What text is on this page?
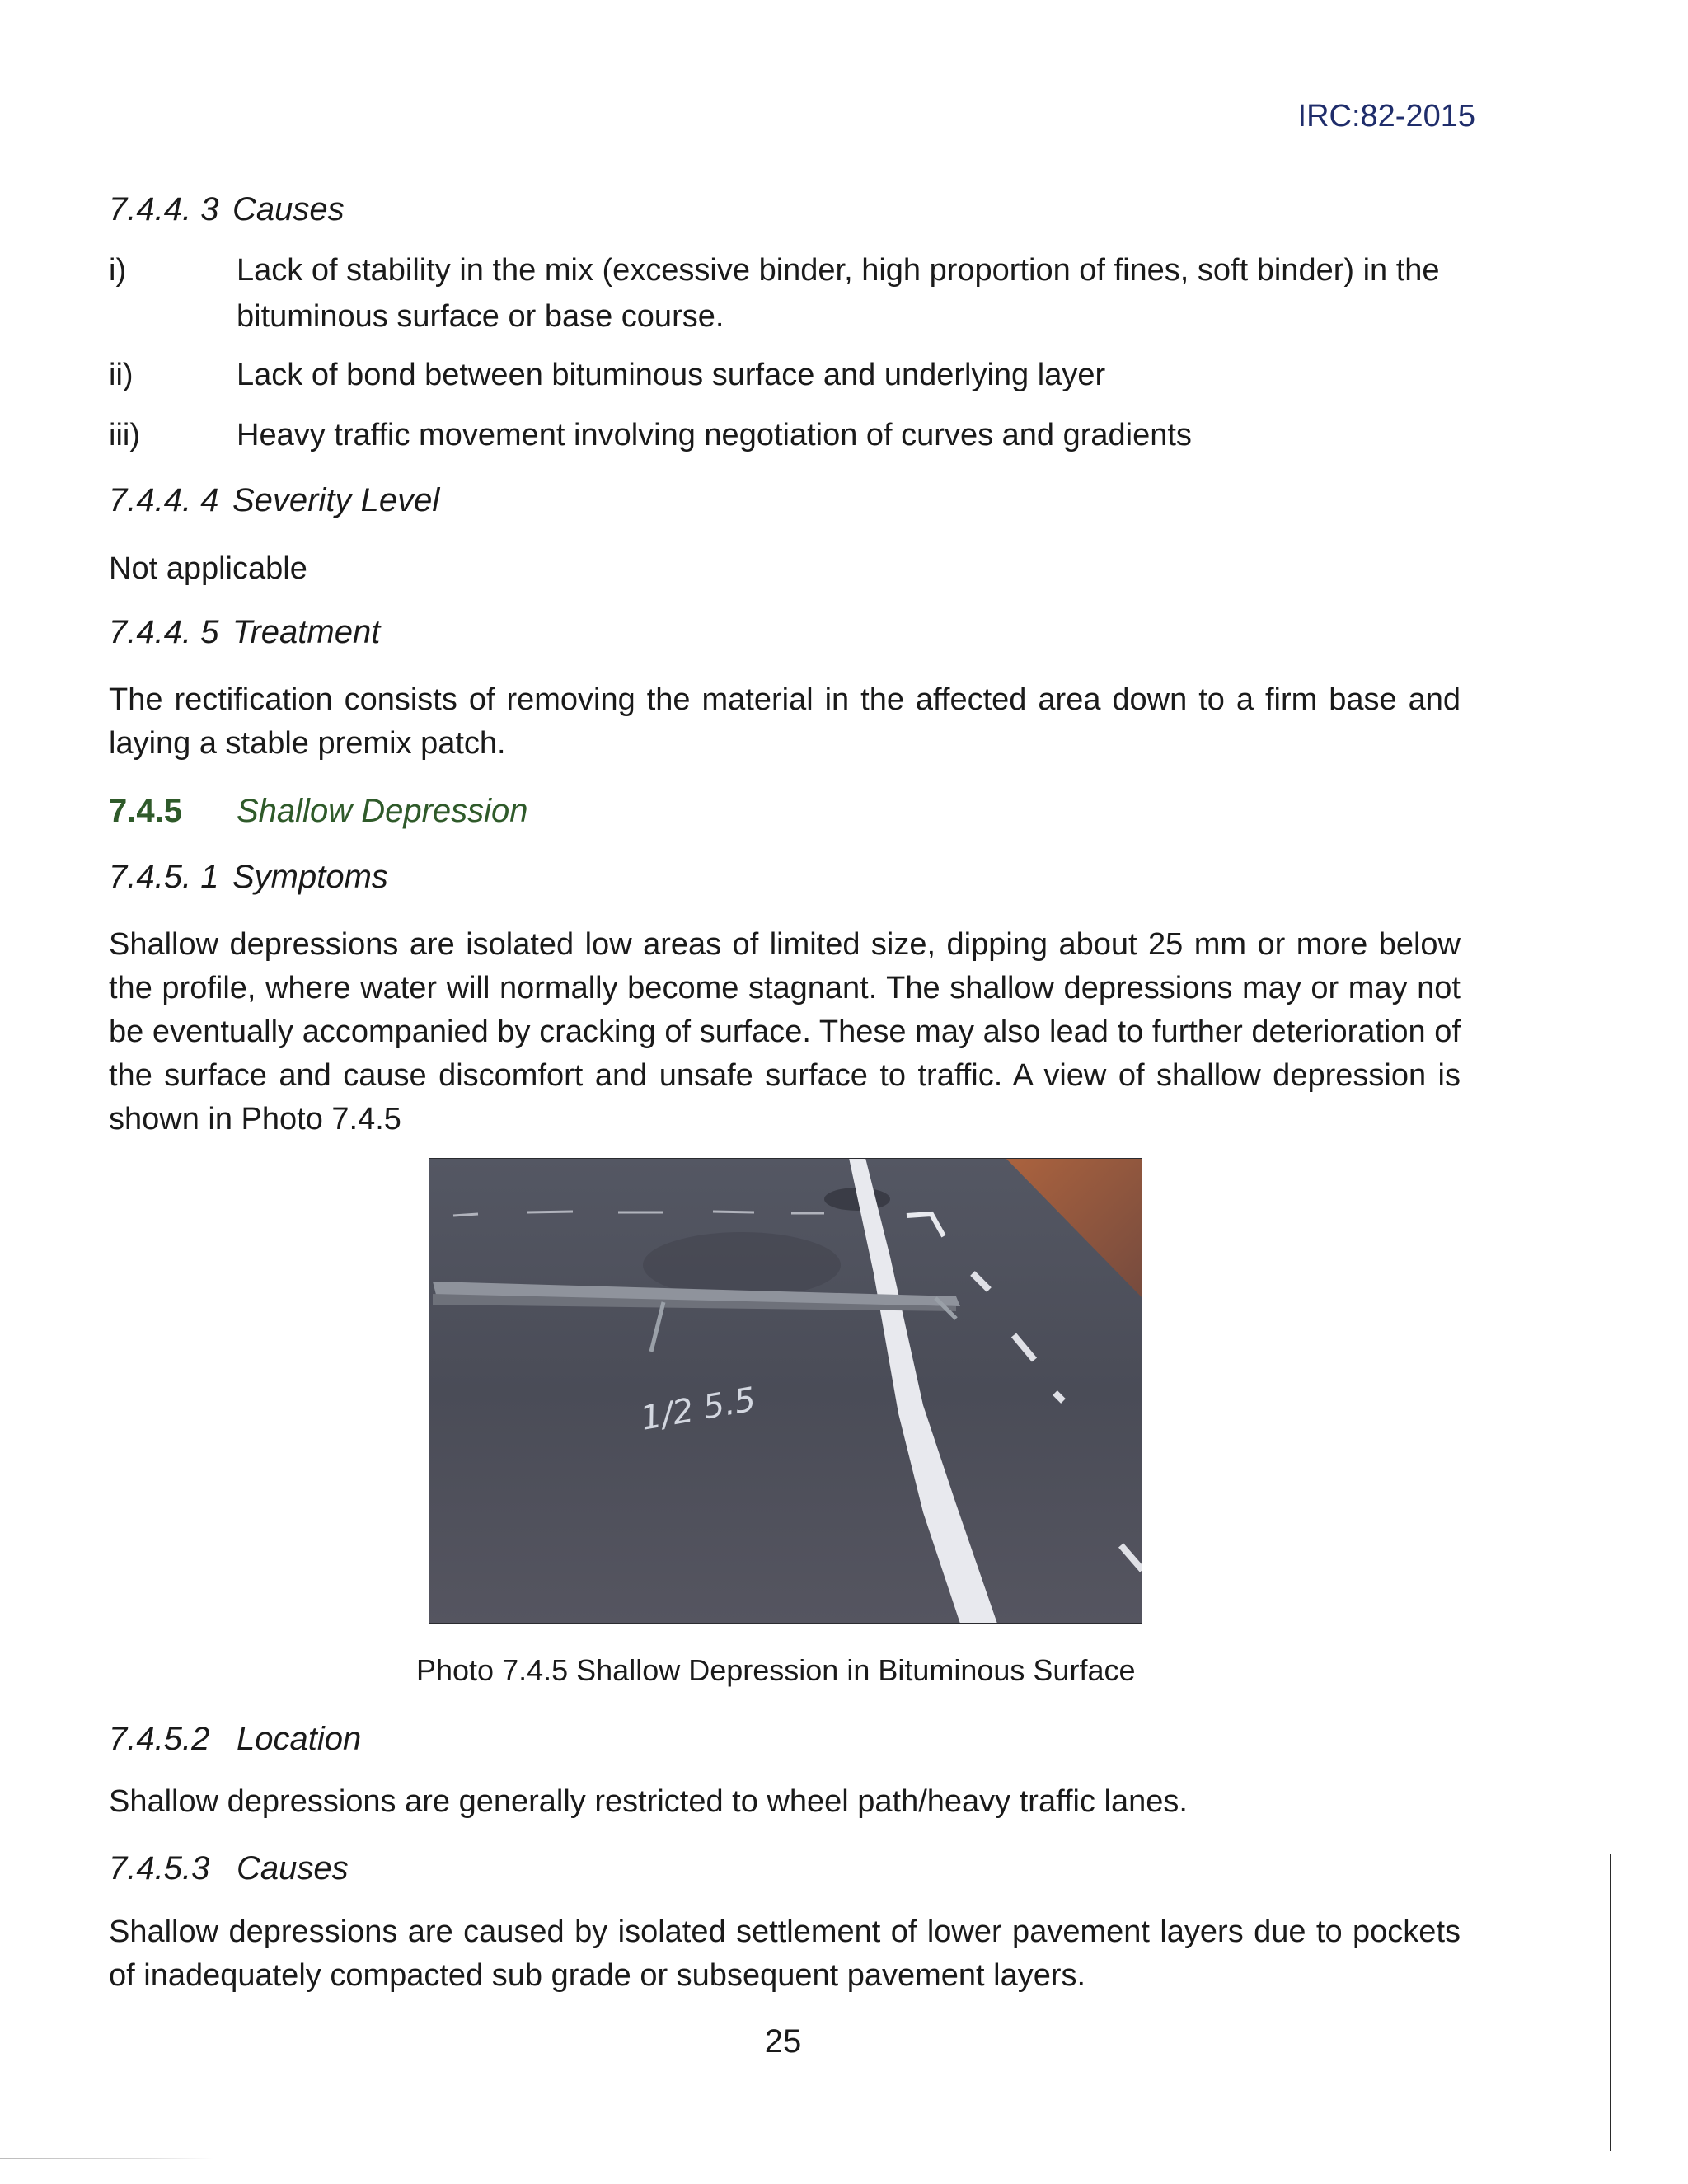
IRC:82-2015
7.4.4. 3 Causes
i)	Lack of stability in the mix (excessive binder, high proportion of fines, soft binder) in the bituminous surface or base course.
ii)	Lack of bond between bituminous surface and underlying layer
iii)	Heavy traffic movement involving negotiation of curves and gradients
7.4.4. 4 Severity Level
Not applicable
7.4.4. 5 Treatment
The rectification consists of removing the material in the affected area down to a firm base and laying a stable premix patch.
7.4.5 Shallow Depression
7.4.5. 1 Symptoms
Shallow depressions are isolated low areas of limited size, dipping about 25 mm or more below the profile, where water will normally become stagnant. The shallow depressions may or may not be eventually accompanied by cracking of surface. These may also lead to further deterioration of the surface and cause discomfort and unsafe surface to traffic. A view of shallow depression is shown in Photo 7.4.5
1/2 5.5
Photo 7.4.5 Shallow Depression in Bituminous Surface
7.4.5.2 Location
Shallow depressions are generally restricted to wheel path/heavy traffic lanes.
7.4.5.3 Causes
Shallow depressions are caused by isolated settlement of lower pavement layers due to pockets of inadequately compacted sub grade or subsequent pavement layers.
25
